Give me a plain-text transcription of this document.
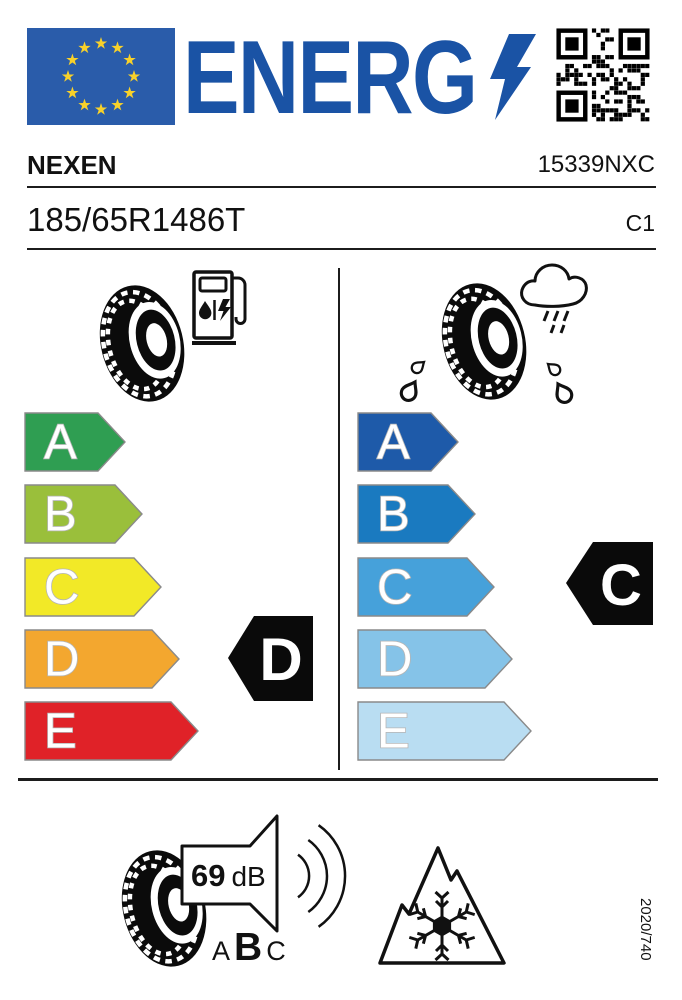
ENERG
NEXEN	15339NXC
185/65R1486T	C1
A
B
C
D
E
A
B
C
D
E
D
C
69 dB
A B C	2020/740
